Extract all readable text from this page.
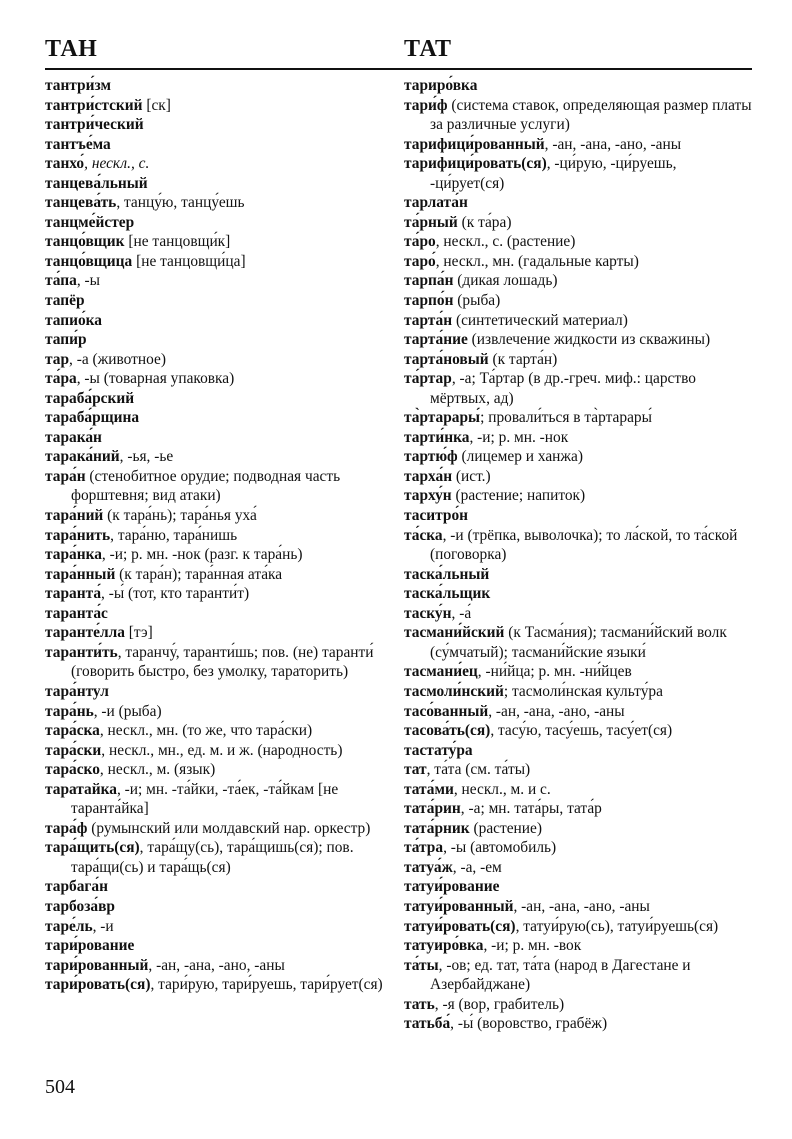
ТАН	ТАТ

тантри́зм

тантри́стский [ск]

тантри́ческий

тантъе́ма

танхо́, нескл., с.

танцева́льный

танцева́ть, танцу́ю, танцу́ешь

танцме́йстер

танцо́вщик [не танцовщи́к]

танцо́вщица [не танцовщи́ца]

та́па, -ы

тапёр

тапио́ка

тапи́р

тар, -а (животное)

та́ра, -ы (товарная упаковка)

тараба́рский

тараба́рщина

тарака́н

тарака́ний, -ья, -ье

тара́н (стенобитное орудие; подводная часть форштевня; вид атаки)

тара́ний (к тара́нь); тара́нья уха́

тара́нить, тара́ню, тара́нишь

тара́нка, -и; р. мн. -нок (разг. к тара́нь)

тара́нный (к тара́н); тара́нная ата́ка

таранта́, -ы́ (тот, кто таранти́т)

таранта́с

таранте́лла [тэ]

таранти́ть, таранчу́, таранти́шь; пов. (не) таранти́ (говорить быстро, без умолку, тараторить)

тара́нтул

тара́нь, -и (рыба)

тара́ска, нескл., мн. (то же, что тара́ски)

тара́ски, нескл., мн., ед. м. и ж. (народность)

тара́ско, нескл., м. (язык)

таратайка, -и; мн. -та́йки, -та́ек, -та́йкам [не таранта́йка]

тара́ф (румынский или молдавский нар. оркестр)

тара́щить(ся), тара́щу(сь), тара́щишь(ся); пов. тара́щи(сь) и тара́щь(ся)

тарбага́н

тарбоза́вр

таре́ль, -и

тари́рование

тари́рованный, -ан, -ана, -ано, -аны

тари́ровать(ся), тари́рую, тари́руешь, тари́рует(ся)

тариро́вка

тари́ф (система ставок, определяющая размер платы за различные услуги)

тарифици́рованный, -ан, -ана, -ано, -аны

тарифици́ровать(ся), -ци́рую, -ци́руешь, -ци́рует(ся)

тарлата́н

та́рный (к та́ра)

та́ро, нескл., с. (растение)

таро́, нескл., мн. (гадальные карты)

тарпа́н (дикая лошадь)

тарпо́н (рыба)

тарта́н (синтетический материал)

тарта́ние (извлечение жидкости из скважины)

тарта́новый (к тарта́н)

та́ртар, -а; Та́ртар (в др.-греч. миф.: царство мёртвых, ад)

та̀ртарары́; провали́ться в та̀ртарары́

тарти́нка, -и; р. мн. -нок

тартю́ф (лицемер и ханжа)

тарха́н (ист.)

тарху́н (растение; напиток)

таситро́н

та́ска, -и (трёпка, выволочка); то ла́ской, то та́ской (поговорка)

таска́льный

таска́льщик

таску́н, -а́

тасмани́йский (к Тасма́ния); тасмани́йский волк (су́мчатый); тасмани́йские языки́

тасмани́ец, -ни́йца; р. мн. -ни́йцев

тасмоли́нский; тасмоли́нская культу́ра

тасо́ванный, -ан, -ана, -ано, -аны

тасова́ть(ся), тасу́ю, тасу́ешь, тасу́ет(ся)

тастату́ра

тат, та́та (см. та́ты)

тата́ми, нескл., м. и с.

тата́рин, -а; мн. тата́ры, тата́р

тата́рник (растение)

та́тра, -ы (автомобиль)

татуа́ж, -а, -ем

татуи́рование

татуи́рованный, -ан, -ана, -ано, -аны

татуи́ровать(ся), татуи́рую(сь), татуи́руешь(ся)

татуиро́вка, -и; р. мн. -вок

та́ты, -ов; ед. тат, та́та (народ в Дагестане и Азербайджане)

тать, -я (вор, грабитель)

татьба́, -ы́ (воровство, грабёж)

504
